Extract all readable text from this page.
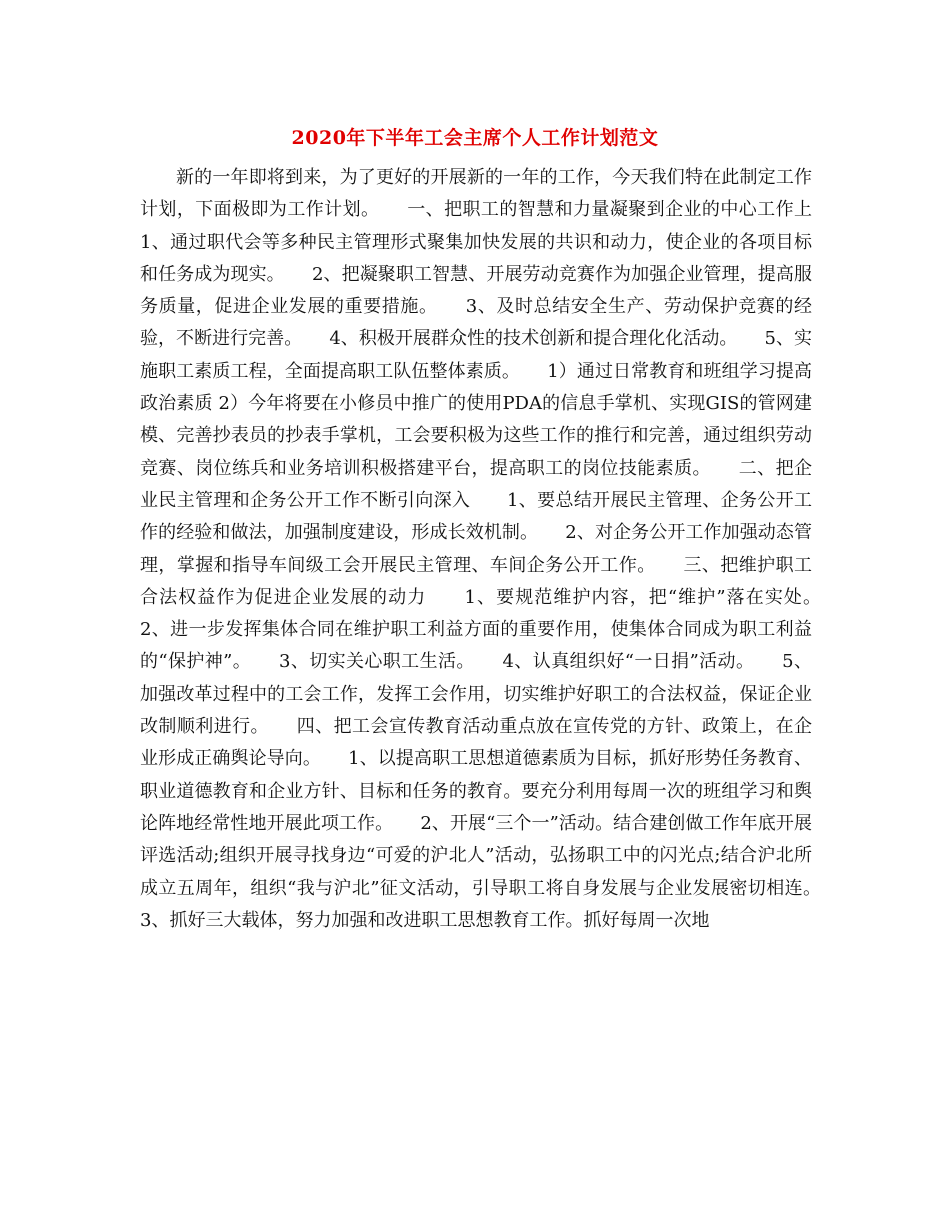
2020年下半年工会主席个人工作计划范文

新的一年即将到来，为了更好的开展新的一年的工作，今天我们特在此制定工作计划，下面极即为工作计划。　　一、把职工的智慧和力量凝聚到企业的中心工作上　　1、通过职代会等多种民主管理形式聚集加快发展的共识和动力，使企业的各项目标和任务成为现实。　　2、把凝聚职工智慧、开展劳动竞赛作为加强企业管理，提高服务质量，促进企业发展的重要措施。　　3、及时总结安全生产、劳动保护竞赛的经验，不断进行完善。　　4、积极开展群众性的技术创新和提合理化化活动。　　5、实施职工素质工程，全面提高职工队伍整体素质。　　1）通过日常教育和班组学习提高政治素质 2）今年将要在小修员中推广的使用PDA的信息手掌机、实现GIS的管网建模、完善抄表员的抄表手掌机，工会要积极为这些工作的推行和完善，通过组织劳动竞赛、岗位练兵和业务培训积极搭建平台，提高职工的岗位技能素质。　　二、把企业民主管理和企务公开工作不断引向深入　　1、要总结开展民主管理、企务公开工作的经验和做法，加强制度建设，形成长效机制。　　2、对企务公开工作加强动态管理，掌握和指导车间级工会开展民主管理、车间企务公开工作。　　三、把维护职工合法权益作为促进企业发展的动力　　1、要规范维护内容，把“维护”落在实处。　　2、进一步发挥集体合同在维护职工利益方面的重要作用，使集体合同成为职工利益的“保护神”。　　3、切实关心职工生活。　　4、认真组织好“一日捐”活动。　　5、加强改革过程中的工会工作，发挥工会作用，切实维护好职工的合法权益，保证企业改制顺利进行。　　四、把工会宣传教育活动重点放在宣传党的方针、政策上，在企业形成正确舆论导向。　　1、以提高职工思想道德素质为目标，抓好形势任务教育、职业道德教育和企业方针、目标和任务的教育。要充分利用每周一次的班组学习和舆论阵地经常性地开展此项工作。　　2、开展“三个一”活动。结合建创做工作年底开展评选活动;组织开展寻找身边“可爱的沪北人”活动，弘扬职工中的闪光点;结合沪北所成立五周年，组织“我与沪北”征文活动，引导职工将自身发展与企业发展密切相连。　　3、抓好三大载体，努力加强和改进职工思想教育工作。抓好每周一次地
